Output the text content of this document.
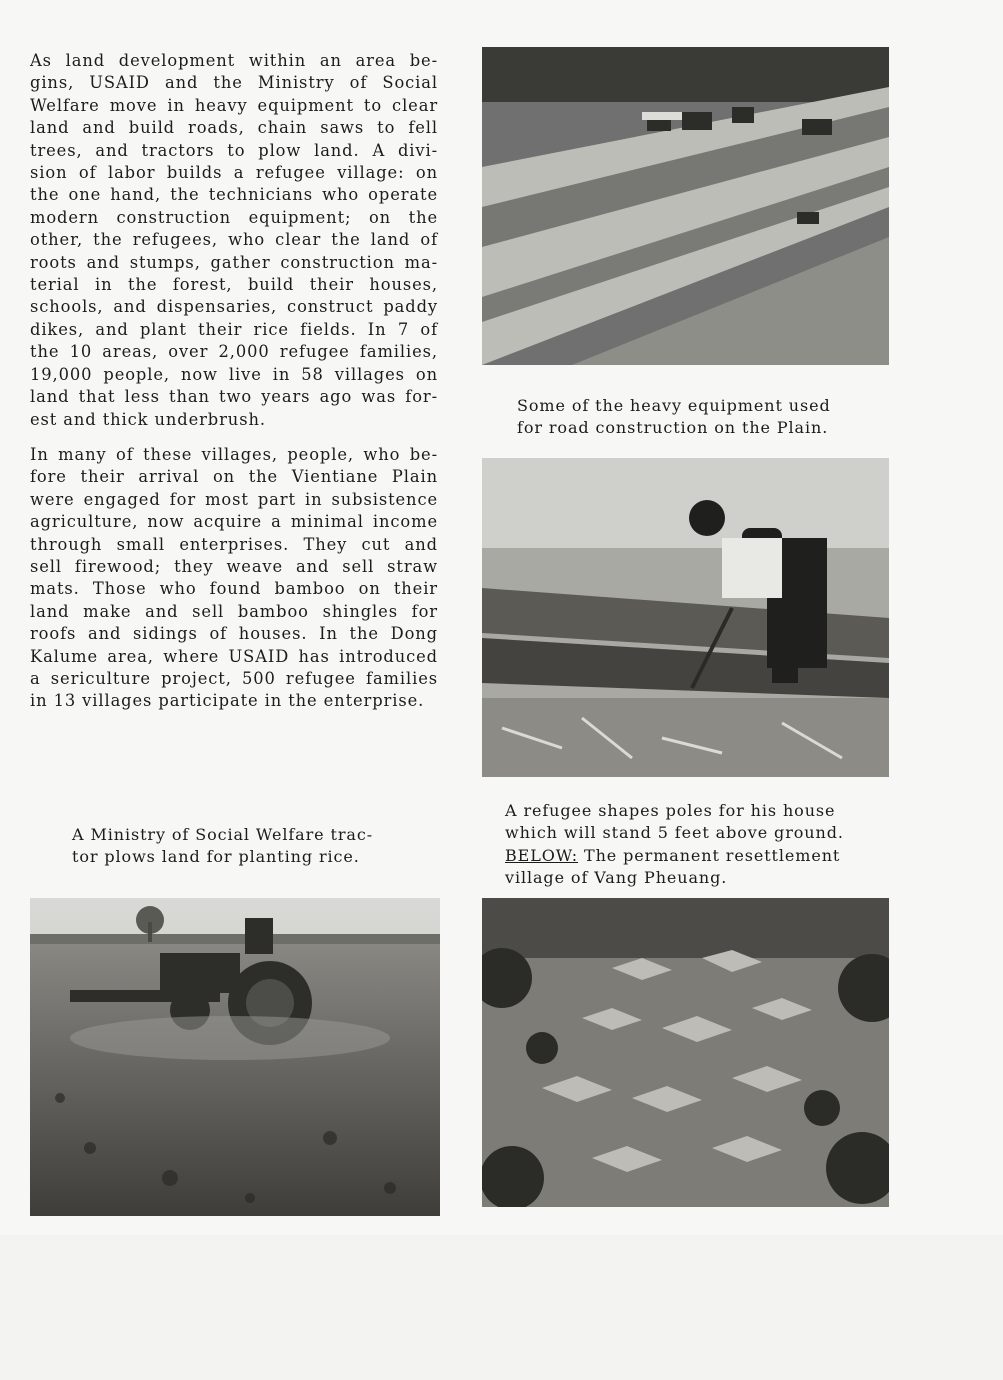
As land development within an area be-
gins, USAID and the Ministry of Social
Welfare move in heavy equipment to clear
land and build roads, chain saws to fell
trees, and tractors to plow land. A divi-
sion of labor builds a refugee village: on
the one hand, the technicians who operate
modern construction equipment; on the
other, the refugees, who clear the land of
roots and stumps, gather construction ma-
terial in the forest, build their houses,
schools, and dispensaries, construct paddy
dikes, and plant their rice fields. In 7 of
the 10 areas, over 2,000 refugee families,
19,000 people, now live in 58 villages on
land that less than two years ago was for-
est and thick underbrush.
In many of these villages, people, who be-
fore their arrival on the Vientiane Plain
were engaged for most part in subsistence
agriculture, now acquire a minimal income
through small enterprises. They cut and
sell firewood; they weave and sell straw
mats. Those who found bamboo on their
land make and sell bamboo shingles for
roofs and sidings of houses. In the Dong
Kalume area, where USAID has introduced
a sericulture project, 500 refugee families
in 13 villages participate in the enterprise.
A Ministry of Social Welfare trac-
tor plows land for planting rice.
Some of the heavy equipment used
for road construction on the Plain.
A refugee shapes poles for his house
which will stand 5 feet above ground.
BELOW: The permanent resettlement
village of Vang Pheuang.
